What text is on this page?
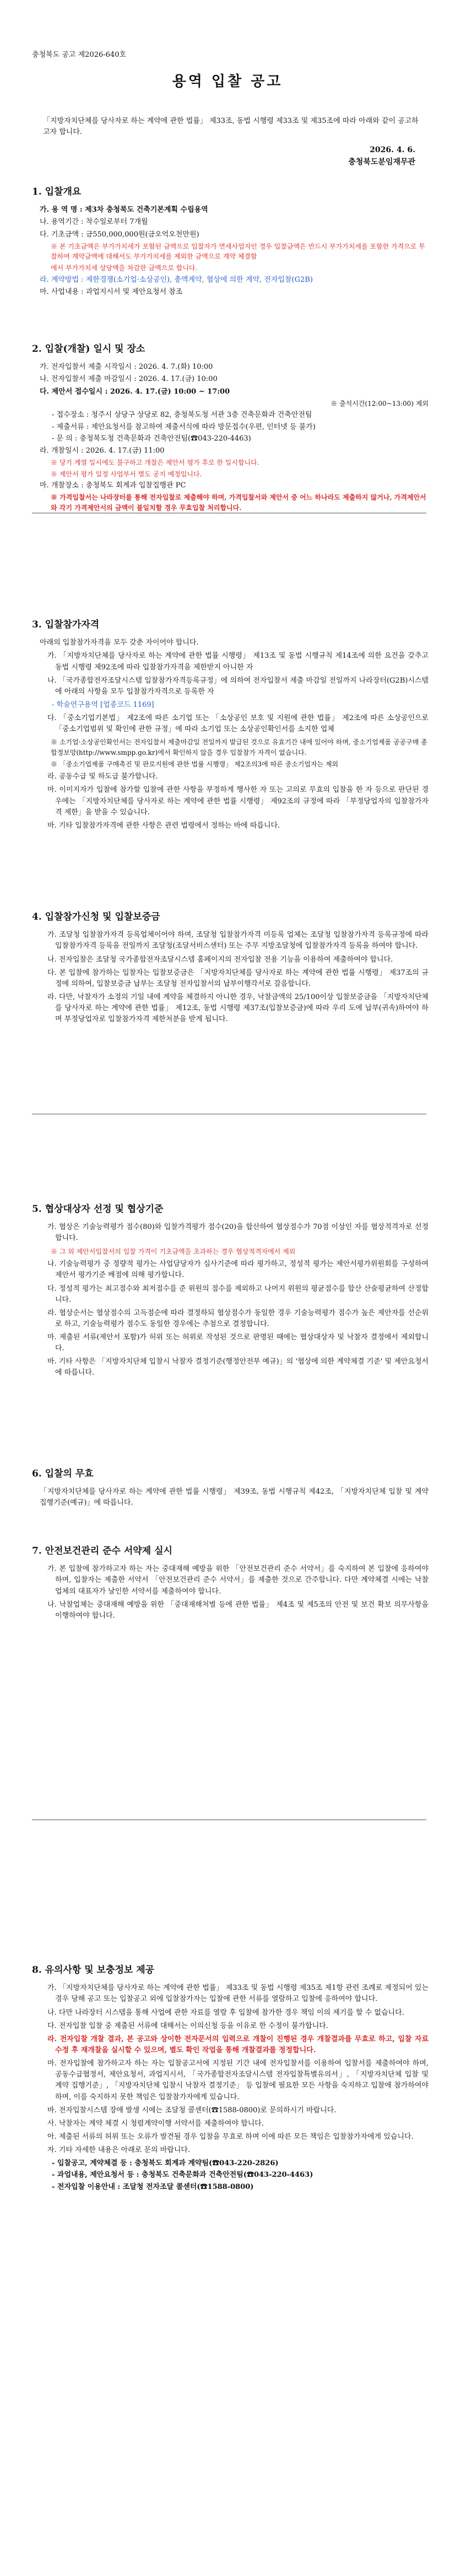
충청북도 공고 제2026-640호
용역 입찰 공고
「지방자치단체를 당사자로 하는 계약에 관한 법률」 제33조, 동법 시행령 제33조 및 제35조에 따라 아래와 같이 공고하고자 합니다.
2026. 4. 6.
충청북도분임재무관
1. 입찰개요
가. 용 역 명 : 제3차 충청북도 건축기본계획 수립용역
나. 용역기간 : 착수일로부터 7개월
다. 기초금액 : 금550,000,000원(금오억오천만원)
※ 본 기초금액은 부가가치세가 포함된 금액으로 입찰자가 면세사업자인 경우 입찰금액은 반드시 부가가치세를 포함한 가격으로 투찰하여 계약금액에 대해서도 부가가치세를 제외한 금액으로 계약 체결함
에서 부가가치세 상당액을 차감한 금액으로 합니다.
라. 계약방법 : 제한경쟁(소기업·소상공인), 총액계약, 협상에 의한 계약, 전자입찰(G2B)
마. 사업내용 : 과업지시서 및 제안요청서 참조
2. 입찰(개찰) 일시 및 장소
가. 전자입찰서 제출 시작일시 : 2026. 4. 7.(화) 10:00
나. 전자입찰서 제출 마감일시 : 2026. 4. 17.(금) 10:00
다. 제안서 접수일시 : 2026. 4. 17.(금) 10:00 ~ 17:00
※ 출석시간(12:00~13:00) 제외
- 접수장소 : 청주시 상당구 상당로 82, 충청북도청 서관 3층 건축문화과 건축안전팀
- 제출서류 : 제안요청서를 참고하여 제출서식에 따라 방문접수(우편, 인터넷 등 불가)
- 문 의 : 충청북도청 건축문화과 건축안전팀(☎043-220-4463)
라. 개찰일시 : 2026. 4. 17.(금) 11:00
※ 당기 계열 일시에도 불구하고 개찰은 제안서 평가 후로 한 일시합니다.
※ 제안서 평가 일정 사업부서 별도 공지 예정입니다.
마. 개찰장소 : 충청북도 회계과 입찰집행관 PC
※ 가격입찰서는 나라장터를 통해 전자입찰로 제출해야 하며, 가격입찰서와 제안서 중 어느 하나라도 제출하지 않거나, 가격제안서와 각기 가격제안서의 금액이 불일치할 경우 무효입찰 처리합니다.
3. 입찰참가자격
아래의 입찰참가자격을 모두 갖춘 자이어야 합니다.
가. 「지방자치단체를 당사자로 하는 계약에 관한 법률 시행령」 제13조 및 동법 시행규칙 제14조에 의한 요건을 갖추고 동법 시행령 제92조에 따라 입찰참가자격을 제한받지 아니한 자
나. 「국가종합전자조달시스템 입찰참가자격등록규정」에 의하여 전자입찰서 제출 마감일 전일까지 나라장터(G2B)시스템에 아래의 사항을 모두 입찰참가자격으로 등록한 자
- 학술연구용역 [업종코드 1169]
다. 「중소기업기본법」 제2조에 따른 소기업 또는 「소상공인 보호 및 지원에 관한 법률」 제2조에 따른 소상공인으로 「중소기업범위 및 확인에 관한 규정」에 따라 소기업 또는 소상공인확인서를 소지한 업체
※ 소기업·소상공인확인서는 전자입찰서 제출마감일 전일까지 발급된 것으로 유효기간 내에 있어야 하며, 중소기업제품 공공구매 종합정보망(http://www.smpp.go.kr)에서 확인하지 않을 경우 입찰참가 자격이 없습니다.
※ 「중소기업제품 구매촉진 및 판로지원에 관한 법률 시행령」 제2조의3에 따른 중소기업자는 제외
라. 공동수급 및 하도급 불가합니다.
마. 이미지자가 입찰에 참가할 입찰에 관한 사항을 부정하게 행사한 자 또는 고의로 무효의 입찰을 한 자 등으로 판단된 경우에는 「지방자치단체를 당사자로 하는 계약에 관한 법률 시행령」 제92조의 규정에 따라 「부정당업자의 입찰참가자격 제한」을 받을 수 있습니다.
바. 기타 입찰참가자격에 관한 사항은 관련 법령에서 정하는 바에 따릅니다.
4. 입찰참가신청 및 입찰보증금
가. 조달청 입찰참가자격 등록업체이어야 하며, 조달청 입찰참가자격 미등록 업체는 조달청 입찰참가자격 등록규정에 따라 입찰참가자격 등록을 전일까지 조달청(조달서비스센터) 또는 주무 지방조달청에 입찰참가자격 등록을 하여야 합니다.
나. 전자입찰은 조달청 국가종합전자조달시스템 홈페이지의 전자입찰 전용 기능을 이용하여 제출하여야 합니다.
다. 본 입찰에 참가하는 입찰자는 입찰보증금은 「지방자치단체를 당사자로 하는 계약에 관한 법률 시행령」 제37조의 규정에 의하여, 입찰보증금 납부는 조달청 전자입찰서의 납부이행각서로 갈음합니다.
라. 다만, 낙찰자가 소정의 기일 내에 계약을 체결하지 아니한 경우, 낙찰금액의 25/100이상 입찰보증금을 「지방자치단체를 당사자로 하는 계약에 관한 법률」 제12조, 동법 시행령 제37조(입찰보증금)에 따라 우리 도에 납부(귀속)하여야 하며 부정당업자로 입찰참가자격 제한처분을 받게 됩니다.
5. 협상대상자 선정 및 협상기준
가. 협상은 기술능력평가 점수(80)와 입찰가격평가 점수(20)을 합산하여 협상점수가 70점 이상인 자를 협상적격자로 선정합니다.
※ 그 외 제안서입찰서의 입찰 가격이 기초금액을 초과하는 경우 협상적격자에서 제외
나. 기술능력평가 중 정량적 평가는 사업담당자가 심사기준에 따라 평가하고, 정성적 평가는 제안서평가위원회를 구성하여 제안서 평가기준 배점에 의해 평가합니다.
다. 정성적 평가는 최고점수와 최저점수를 준 위원의 점수를 제외하고 나머지 위원의 평균점수를 합산 산술평균하여 산정합니다.
라. 협상순서는 협상점수의 고득점순에 따라 결정하되 협상점수가 동일한 경우 기술능력평가 점수가 높은 제안자를 선순위로 하고, 기술능력평가 점수도 동일한 경우에는 추첨으로 결정합니다.
마. 제출된 서류(제안서 포함)가 허위 또는 허위로 작성된 것으로 판명된 때에는 협상대상자 및 낙찰자 결정에서 제외합니다.
바. 기타 사항은 「지방자치단체 입찰시 낙찰자 결정기준(행정안전부 예규)」의 '협상에 의한 계약체결 기준' 및 제안요청서에 따릅니다.
6. 입찰의 무효
「지방자치단체를 당사자로 하는 계약에 관한 법률 시행령」 제39조, 동법 시행규칙 제42조, 「지방자치단체 입찰 및 계약 집행기준(예규)」에 따릅니다.
7. 안전보건관리 준수 서약제 실시
가. 본 입찰에 참가하고자 하는 자는 중대재해 예방을 위한 「안전보건관리 준수 서약서」를 숙지하여 본 입찰에 응하여야 하며, 입찰자는 제출한 서약서 「안전보건관리 준수 서약서」를 제출한 것으로 간주합니다. 다만 계약체결 시에는 낙찰업체의 대표자가 날인한 서약서를 제출하여야 합니다.
나. 낙찰업체는 중대재해 예방을 위한 「중대재해처벌 등에 관한 법률」 제4조 및 제5조의 안전 및 보건 확보 의무사항을 이행하여야 합니다.
8. 유의사항 및 보충정보 제공
가. 「지방자치단체를 당사자로 하는 계약에 관한 법률」 제33조 및 동법 시행령 제35조 제1항 관련 조례로 제정되어 있는 경우 당해 공고 또는 입찰공고 외에 입찰참가자는 입찰에 관한 서류를 열람하고 입찰에 응하여야 합니다.
나. 다만 나라장터 시스템을 통해 사업에 관한 자료를 열람 후 입찰에 참가한 경우 책임 이의 제기를 할 수 없습니다.
다. 전자입찰 입찰 중 제출된 서류에 대해서는 이의신청 등을 이유로 한 수정이 불가합니다.
라. 전자입찰 개찰 결과, 본 공고와 상이한 전자문서의 입력으로 개찰이 진행된 경우 개찰결과를 무효로 하고, 입찰 자료 수정 후 재개찰을 실시할 수 있으며, 별도 확인 작업을 통해 개찰결과를 정정합니다.
마. 전자입찰에 참가하고자 하는 자는 입찰공고서에 지정된 기간 내에 전자입찰서를 이용하여 입찰서를 제출하여야 하며, 공동수급협정서, 제안요청서, 과업지시서, 「국가종합전자조달시스템 전자입찰특별유의서」, 「지방자치단체 입찰 및 계약 집행기준」, 「지방자치단체 입찰시 낙찰자 결정기준」 등 입찰에 필요한 모든 사항을 숙지하고 입찰에 참가하여야 하며, 이를 숙지하지 못한 책임은 입찰참가자에게 있습니다.
바. 전자입찰시스템 장애 발생 시에는 조달청 콜센터(☎1588-0800)로 문의하시기 바랍니다.
사. 낙찰자는 계약 체결 시 청렴계약이행 서약서를 제출하여야 합니다.
아. 제출된 서류의 허위 또는 오류가 발견될 경우 입찰을 무효로 하며 이에 따른 모든 책임은 입찰참가자에게 있습니다.
자. 기타 자세한 내용은 아래로 문의 바랍니다.
- 입찰공고, 계약체결 등 : 충청북도 회계과 계약팀(☎043-220-2826)
- 과업내용, 제안요청서 등 : 충청북도 건축문화과 건축안전팀(☎043-220-4463)
- 전자입찰 이용안내 : 조달청 전자조달 콜센터(☎1588-0800)
